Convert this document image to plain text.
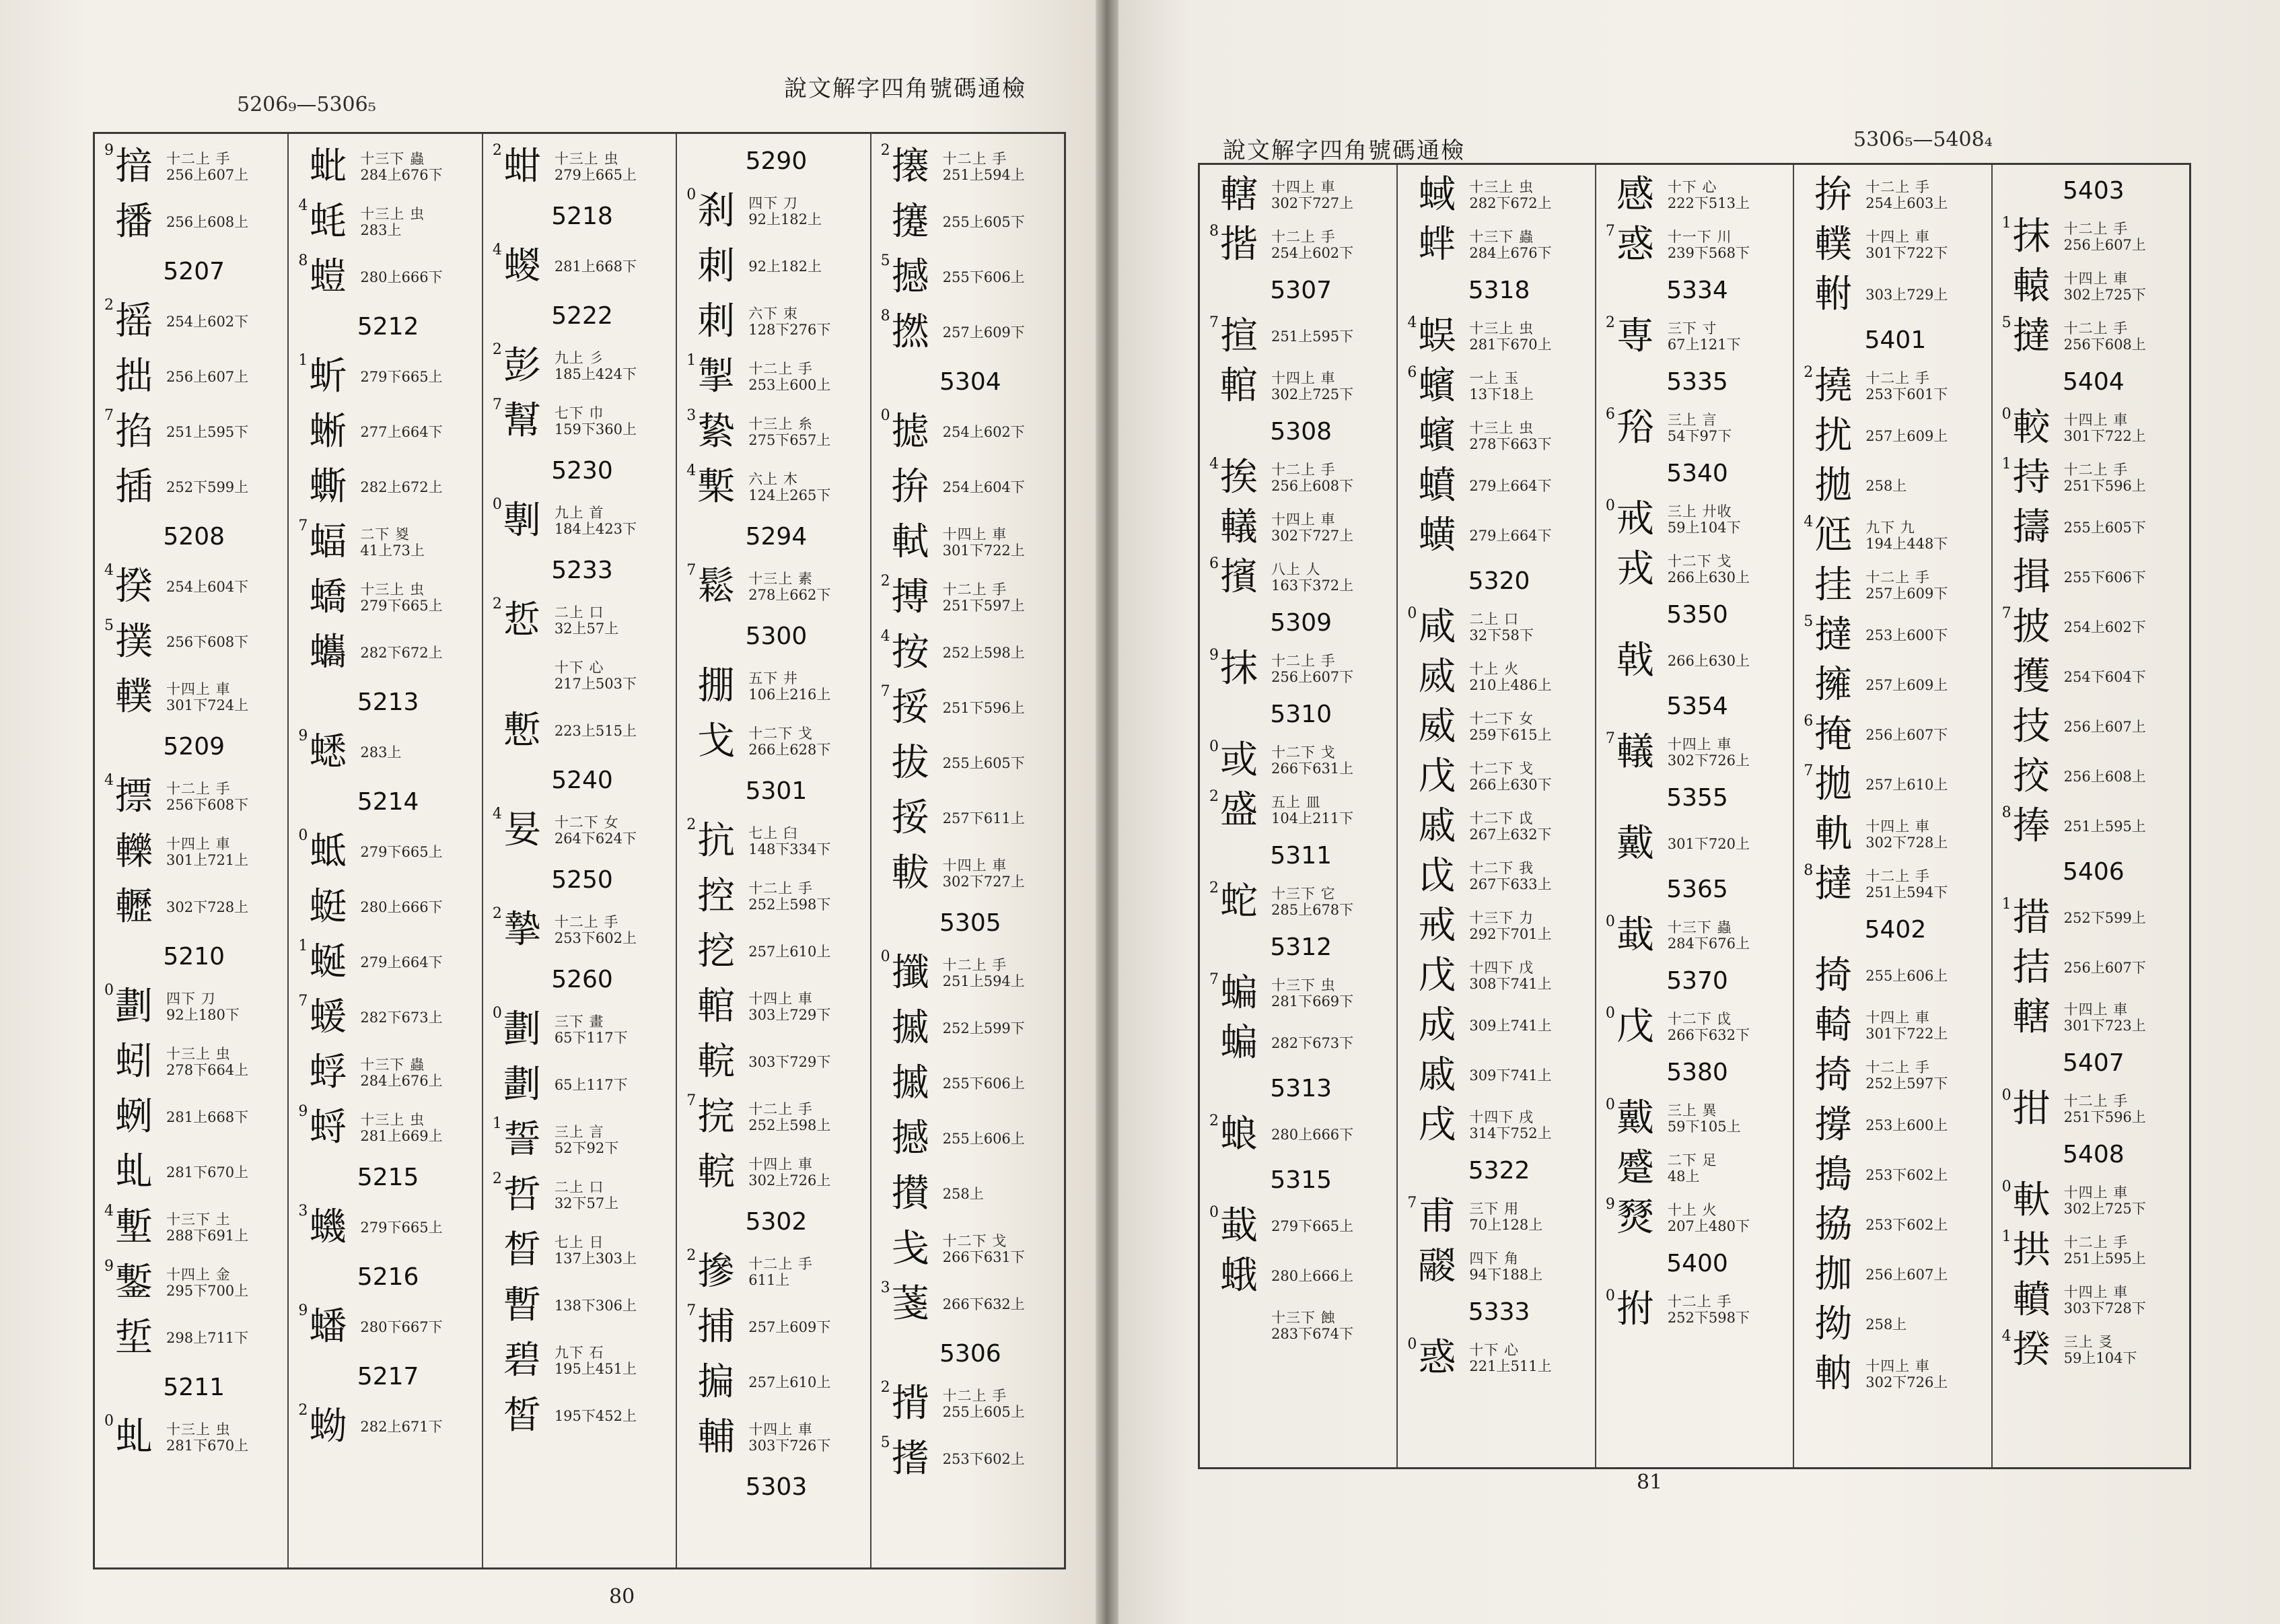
5206₉—5306₅
說文解字四角號碼通檢
9 揞 十二上 手
256上607上
播 256上608上
5207
2 摇 254上602下
拙 256上607上
7 掐 251上595下
插 252下599上
5208
4 揆 254上604下
5 撲 256下608下
轐 十四上 車
301下724上
5209
4 摽 十二上 手
256下608下
轢 十四上 車
301上721上
轣 302下728上
5210
0 劃 四下 刀
92上180下
蚓 十三上 虫
278下664上
蛚 281上668下
虬 281下670上
4 塹 十三下 土
288下691上
9 鏨 十四上 金
295下700上
埑 298上711下
5211
0 虬 十三上 虫
281下670上
蚍 十三下 蟲
284上676下
4 蚝 十三上 虫
283上
8 螘 280上666下
5212
1 蚚 279下665上
蜥 277上664下
蟖 282上672上
7 蝠 二下 㚇
41上73上
蟜 十三上 虫
279下665上
蠵 282下672上
5213
9 蟋 283上
5214
0 蚳 279下665上
蜓 280上666下
1 蜒 279上664下
7 蝯 282下673上
蜉 十三下 蟲
284上676上
9 蛶 十三上 虫
281上669上
5215
3 蟣 279下665上
5216
9 蟠 280下667下
5217
2 蚴 282上671下
2 蚶 十三上 虫
279上665上
5218
4 蝬 281上668下
5222
2 彭 九上 彡
185上424下
7 幫 七下 巾
159下360上
5230
0 剸 九上 首
184上423下
5233
2 悊 二上 口
32上57上
十下 心
217上503下
慙 223上515上
5240
4 妟 十二下 女
264下624下
5250
2 摯 十二上 手
253下602上
5260
0 劃 三下 畫
65下117下
劃 65上117下
1 誓 三上 言
52下92下
2 哲 二上 口
32下57上
晳 七上 日
137上303上
暫 138下306上
碧 九下 石
195上451上
皙 195下452上
5290
0 刹 四下 刀
92上182上
刺 92上182上
刺 六下 朿
128下276下
1 掣 十二上 手
253上600上
3 絷 十三上 糸
275下657上
4 槧 六上 木
124上265下
5294
7 鬆 十三上 素
278上662下
5300
掤 五下 井
106上216上
戈 十二下 戈
266上628下
5301
2 抗 七上 臼
148下334下
控 十二上 手
252上598下
挖 257上610上
輨 十四上 車
303上729下
輐 303下729下
7 捖 十二上 手
252上598上
輐 十四上 車
302上726上
5302
2 摻 十二上 手
611上
7 捕 257上609下
揙 257上610上
輔 十四上 車
303下726下
5303
2 攐 十二上 手
251上594上
攓 255上605下
5 撼 255下606上
8 撚 257上609下
5304
0 摅 254上602下
拚 254上604下
軾 十四上 車
301下722上
2 搏 十二上 手
251下597上
4 按 252上598上
7 挼 251下596上
拔 255上605下
挼 257下611上
軷 十四上 車
302下727上
5305
0 攕 十二上 手
251上594上
摵 252上599下
摵 255下606上
撼 255上606上
攅 258上
戋 十二下 戈
266下631下
3 菚 266下632上
5306
2 揹 十二上 手
255上605上
5 搘 253下602上
80
說文解字四角號碼通檢	5306₅—5408₄
轄 十四上 車
302下727上
8 揩 十二上 手
254上602下
5307
7 揎 251上595下
輨 十四上 車
302上725下
5308
4 挨 十二上 手
256上608下
轙 十四上 車
302下727上
6 擯 八上 人
163下372上
5309
9 抹 十二上 手
256上607下
5310
0 或 十二下 戈
266下631上
2 盛 五上 皿
104上211下
5311
2 蛇 十三下 它
285上678下
5312
7 蝙 十三下 虫
281下669下
蝙 282下673下
5313
2 蜋 280上666下
5315
0 蛓 279下665上
蛾 280上666上
十三下 蝕
283下674下
蜮 十三上 虫
282下672上
蝆 十三下 蟲
284上676下
5318
4 蜈 十三上 虫
281下670上
6 蠙 一上 玉
13下18上
蠙 十三上 虫
278下663下
蟦 279上664下
蟥 279上664下
5320
0 咸 二上 口
32下58下
烕 十上 火
210上486上
威 十二下 女
259下615上
戊 十二下 戈
266上630下
戚 十二下 戉
267上632下
戉 十二下 我
267下633上
戒 十三下 力
292下701上
戊 十四下 戊
308下741上
成 309上741上
戚 309下741上
戌 十四下 戌
314下752上
5322
7 甫 三下 用
70上128上
鬷 四下 角
94下188上
5333
0 惑 十下 心
221上511上
感 十下 心
222下513上
7 惑 十一下 川
239下568下
5334
2 専 三下 寸
67上121下
5335
6 谸 三上 言
54下97下
5340
0 戒 三上 廾收
59上104下
戎 十二下 戈
266上630上
5350
戟 266上630上
5354
7 轙 十四上 車
302下726上
5355
戴 301下720上
5365
0 蛓 十三下 蟲
284下676上
5370
0 戊 十二下 戉
266下632下
5380
0 戴 三上 異
59下105上
蹙 二下 足
48上
9 燹 十上 火
207上480下
5400
0 拊 十二上 手
252下598下
拚 十二上 手
254上603上
轐 十四上 車
301下722下
軵 303上729上
5401
2 撓 十二上 手
253下601下
扰 257上609上
拋 258上
4 尩 九下 九
194上448下
挂 十二上 手
257上609下
5 撻 253上600下
擁 257上609上
6 掩 256上607下
7 拋 257上610上
軌 十四上 車
302下728上
8 撻 十二上 手
251上594下
5402
掎 255上606上
輢 十四上 車
301下722上
掎 十二上 手
252上597下
撐 253上600上
搗 253下602上
拹 253下602上
拁 256上607上
拗 258上
軜 十四上 車
302下726上
5403
1 抹 十二上 手
256上607上
轅 十四上 車
302上725下
5 撻 十二上 手
256下608上
5404
0 較 十四上 車
301下722上
1 持 十二上 手
251下596上
擣 255上605下
揖 255下606下
7 披 254上602下
擭 254下604下
技 256上607上
挍 256上608上
8 捧 251上595上
5406
1 措 252下599上
拮 256上607下
轄 十四上 車
301下723上
5407
0 拑 十二上 手
251下596上
5408
0 軑 十四上 車
302上725下
1 拱 十二上 手
251上595上
轒 十四上 車
303下728下
4 揆 三上 㕛
59上104下
81
